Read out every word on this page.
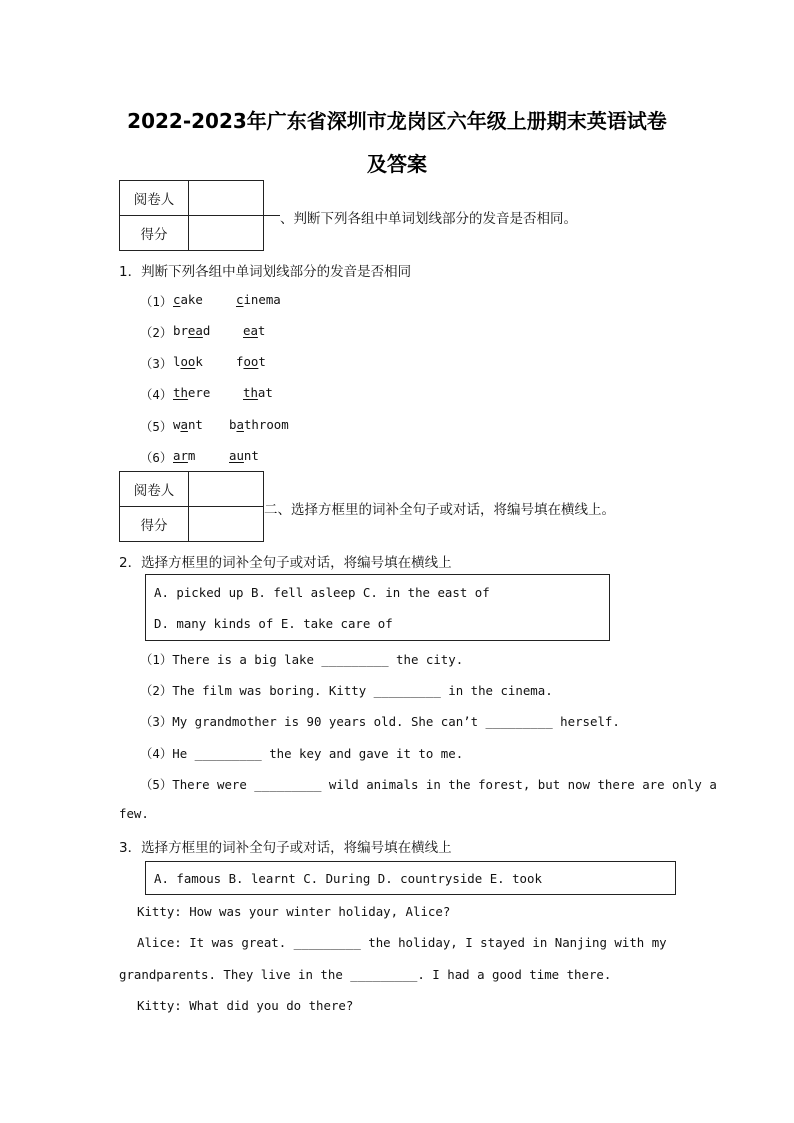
2022-2023年广东省深圳市龙岗区六年级上册期末英语试卷
及答案
阅卷人	
得分	
、判断下列各组中单词划线部分的发音是否相同。
1．判断下列各组中单词划线部分的发音是否相同
（1） cake	cinema
（2） bread	eat
（3） look	foot
（4） there	that
（5） want bathroom
（6） arm	aunt
阅卷人	
得分	
二、选择方框里的词补全句子或对话，将编号填在横线上。
2．选择方框里的词补全句子或对话，将编号填在横线上
A. picked up B. fell asleep C. in the east of
D. many kinds of E. take care of
（1）There is a big lake _________ the city.
（2）The film was boring. Kitty _________ in the cinema.
（3）My grandmother is 90 years old. She can’t _________ herself.
（4）He _________ the key and gave it to me.
（5）There were _________ wild animals in the forest, but now there are only a
few.
3．选择方框里的词补全句子或对话，将编号填在横线上
A. famous B. learnt C. During D. countryside E. took
Kitty: How was your winter holiday, Alice?
Alice: It was great. _________ the holiday, I stayed in Nanjing with my
grandparents. They live in the _________. I had a good time there.
Kitty: What did you do there?
